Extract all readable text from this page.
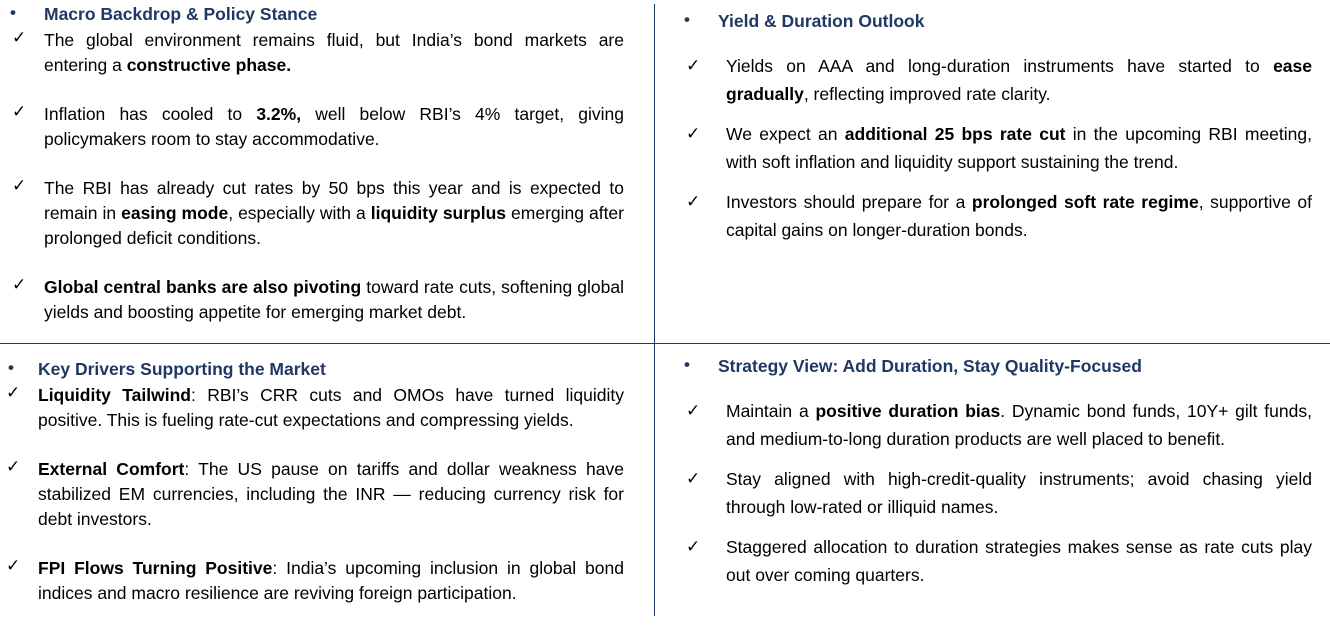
• Macro Backdrop & Policy Stance
✓ The global environment remains fluid, but India’s bond markets are entering a constructive phase.
✓ Inflation has cooled to 3.2%, well below RBI’s 4% target, giving policymakers room to stay accommodative.
✓ The RBI has already cut rates by 50 bps this year and is expected to remain in easing mode, especially with a liquidity surplus emerging after prolonged deficit conditions.
✓ Global central banks are also pivoting toward rate cuts, softening global yields and boosting appetite for emerging market debt.
• Yield & Duration Outlook
✓ Yields on AAA and long-duration instruments have started to ease gradually, reflecting improved rate clarity.
✓ We expect an additional 25 bps rate cut in the upcoming RBI meeting, with soft inflation and liquidity support sustaining the trend.
✓ Investors should prepare for a prolonged soft rate regime, supportive of capital gains on longer-duration bonds.
• Key Drivers Supporting the Market
✓ Liquidity Tailwind: RBI’s CRR cuts and OMOs have turned liquidity positive. This is fueling rate-cut expectations and compressing yields.
✓ External Comfort: The US pause on tariffs and dollar weakness have stabilized EM currencies, including the INR — reducing currency risk for debt investors.
✓ FPI Flows Turning Positive: India’s upcoming inclusion in global bond indices and macro resilience are reviving foreign participation.
• Strategy View: Add Duration, Stay Quality-Focused
✓ Maintain a positive duration bias. Dynamic bond funds, 10Y+ gilt funds, and medium-to-long duration products are well placed to benefit.
✓ Stay aligned with high-credit-quality instruments; avoid chasing yield through low-rated or illiquid names.
✓ Staggered allocation to duration strategies makes sense as rate cuts play out over coming quarters.
